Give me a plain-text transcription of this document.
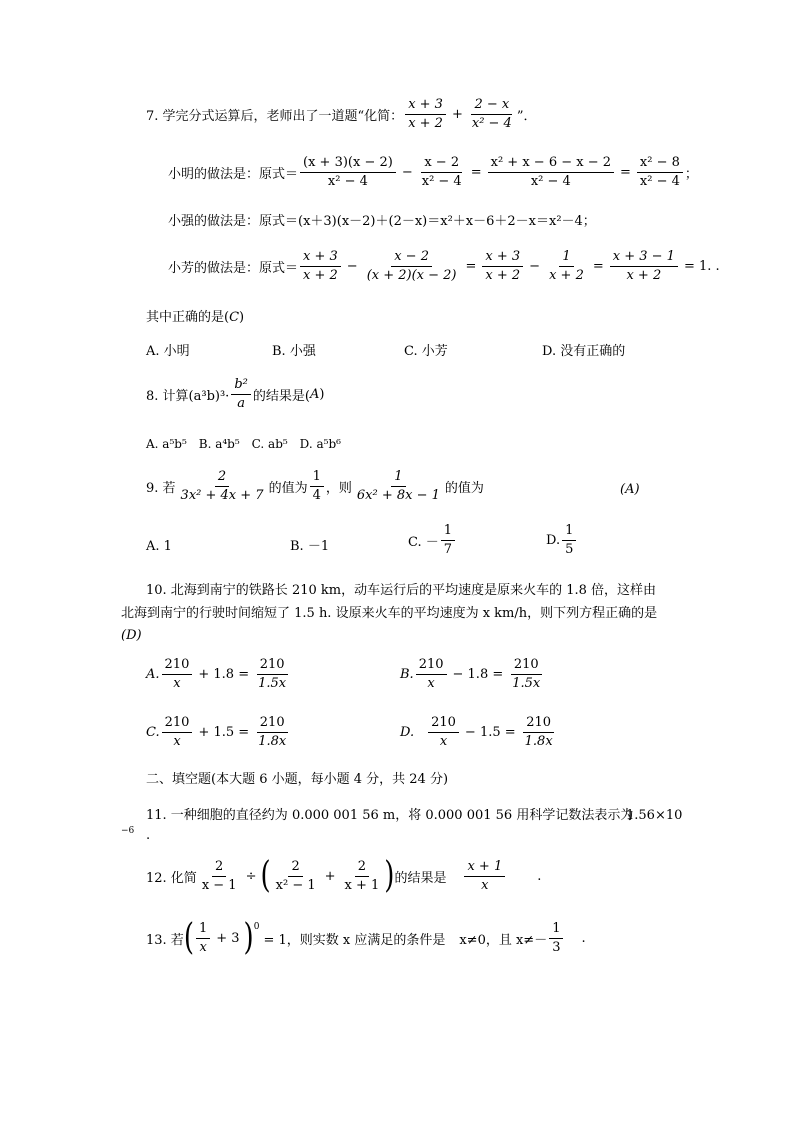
7. 学完分式运算后，老师出了一道题“化简： $\frac{x + 3}{x + 2} + \frac{2 - x}{\text{x² − 4}}$ ”．
小明的做法是：原式＝ $\frac{(x + 3)(x - 2)}{\text{x² − 4}} - \frac{x - 2}{\text{x² − 4}} = \frac{\text{x² + x − 6 − x − 2}}{\text{x² − 4}} = \frac{\text{x² − 8}}{\text{x² − 4}}$ ；
小强的做法是：原式＝(x＋3)(x－2)＋(2－x)＝x²＋x－6＋2－x＝x²－4；
小芳的做法是：原式＝ $\frac{x + 3}{x + 2} - \frac{x - 2}{(x + 2)(x - 2)} = \frac{x + 3}{x + 2} - \frac{1}{x + 2} = \frac{x + 3 - 1}{x + 2} = 1$. .
其中正确的是(C)
A. 小明	B. 小强	C. 小芳	D. 没有正确的
8. 计算$(a^3b)^3\cdot \frac{\text{b²}}{a}$ 的结果是( A )
A. a⁵b⁵　B. a⁴b⁵　C. ab⁵　D. a⁵b⁶
9. 若 $\frac{2}{\text{3x² + 4x + 7}}$ 的值为 $\frac{1}{4}$ ，则 $\frac{1}{\text{6x² + 8x − 1}}$ 的值为	(A)
A. 1	B. －1	C. － $\frac{1}{7}$	D. $\frac{1}{5}$
10. 北海到南宁的铁路长 210 km，动车运行后的平均速度是原来火车的 1.8 倍，这样由
北海到南宁的行驶时间缩短了 1.5 h. 设原来火车的平均速度为 x km/h，则下列方程正确的是
(D)
A. $\frac{210}{x} + 1.8 = \frac{210}{1.5x}$	B. $\frac{210}{x} - 1.8 = \frac{210}{1.5x}$
C. $\frac{210}{x} + 1.5 = \frac{210}{1.8x}$	D. $\frac{210}{x} - 1.5 = \frac{210}{1.8x}$
二、填空题(本大题 6 小题，每小题 4 分，共 24 分)
11. 一种细胞的直径约为 0.000 001 56 m，将 0.000 001 56 用科学记数法表示为
1.56×10
−6 .
12. 化简 $\frac{2}{x - 1}$ ÷ ( $\frac{2}{\text{x² − 1}} + \frac{2}{x + 1}$ ) 的结果是 $\frac{x + 1}{x}$ .
13. 若 ( $\frac{1}{x} + 3$ )$^0$
= 1，则实数 x 应满足的条件是 x≠0，且 $x\ne- \frac{1}{3}$ .
